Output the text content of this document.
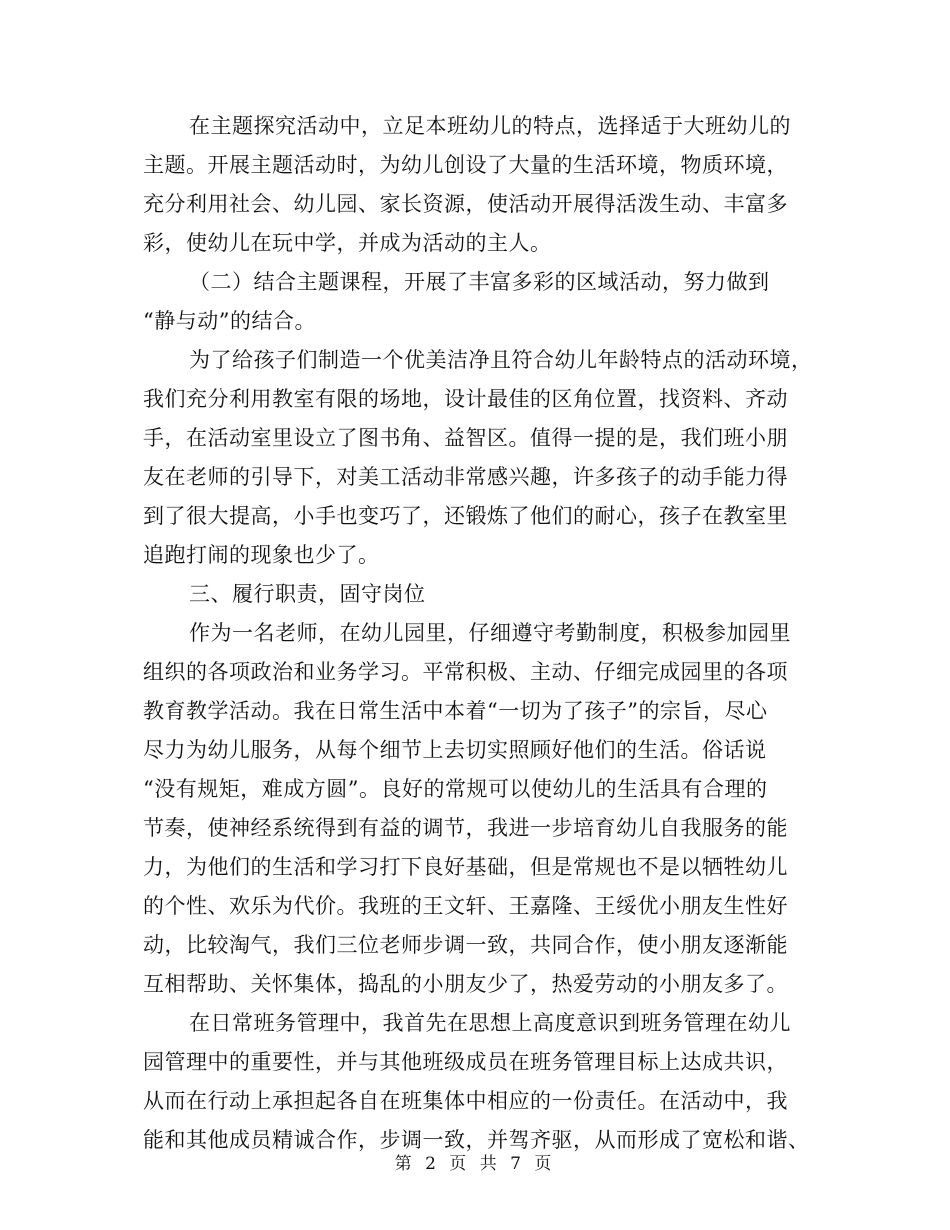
在主题探究活动中，立足本班幼儿的特点，选择适于大班幼儿的
主题。开展主题活动时，为幼儿创设了大量的生活环境，物质环境，
充分利用社会、幼儿园、家长资源，使活动开展得活泼生动、丰富多
彩，使幼儿在玩中学，并成为活动的主人。
（二）结合主题课程，开展了丰富多彩的区域活动，努力做到
“静与动”的结合。
为了给孩子们制造一个优美洁净且符合幼儿年龄特点的活动环境，
我们充分利用教室有限的场地，设计最佳的区角位置，找资料、齐动
手，在活动室里设立了图书角、益智区。值得一提的是，我们班小朋
友在老师的引导下，对美工活动非常感兴趣，许多孩子的动手能力得
到了很大提高，小手也变巧了，还锻炼了他们的耐心，孩子在教室里
追跑打闹的现象也少了。
三、履行职责，固守岗位
作为一名老师，在幼儿园里，仔细遵守考勤制度，积极参加园里
组织的各项政治和业务学习。平常积极、主动、仔细完成园里的各项
教育教学活动。我在日常生活中本着“一切为了孩子”的宗旨，尽心
尽力为幼儿服务，从每个细节上去切实照顾好他们的生活。俗话说
“没有规矩，难成方圆”。良好的常规可以使幼儿的生活具有合理的
节奏，使神经系统得到有益的调节，我进一步培育幼儿自我服务的能
力，为他们的生活和学习打下良好基础，但是常规也不是以牺牲幼儿
的个性、欢乐为代价。我班的王文轩、王嘉隆、王绥优小朋友生性好
动，比较淘气，我们三位老师步调一致，共同合作，使小朋友逐渐能
互相帮助、关怀集体，捣乱的小朋友少了，热爱劳动的小朋友多了。
在日常班务管理中，我首先在思想上高度意识到班务管理在幼儿
园管理中的重要性，并与其他班级成员在班务管理目标上达成共识，
从而在行动上承担起各自在班集体中相应的一份责任。在活动中，我
能和其他成员精诚合作，步调一致，并驾齐驱，从而形成了宽松和谐、
第 2 页 共 7 页
